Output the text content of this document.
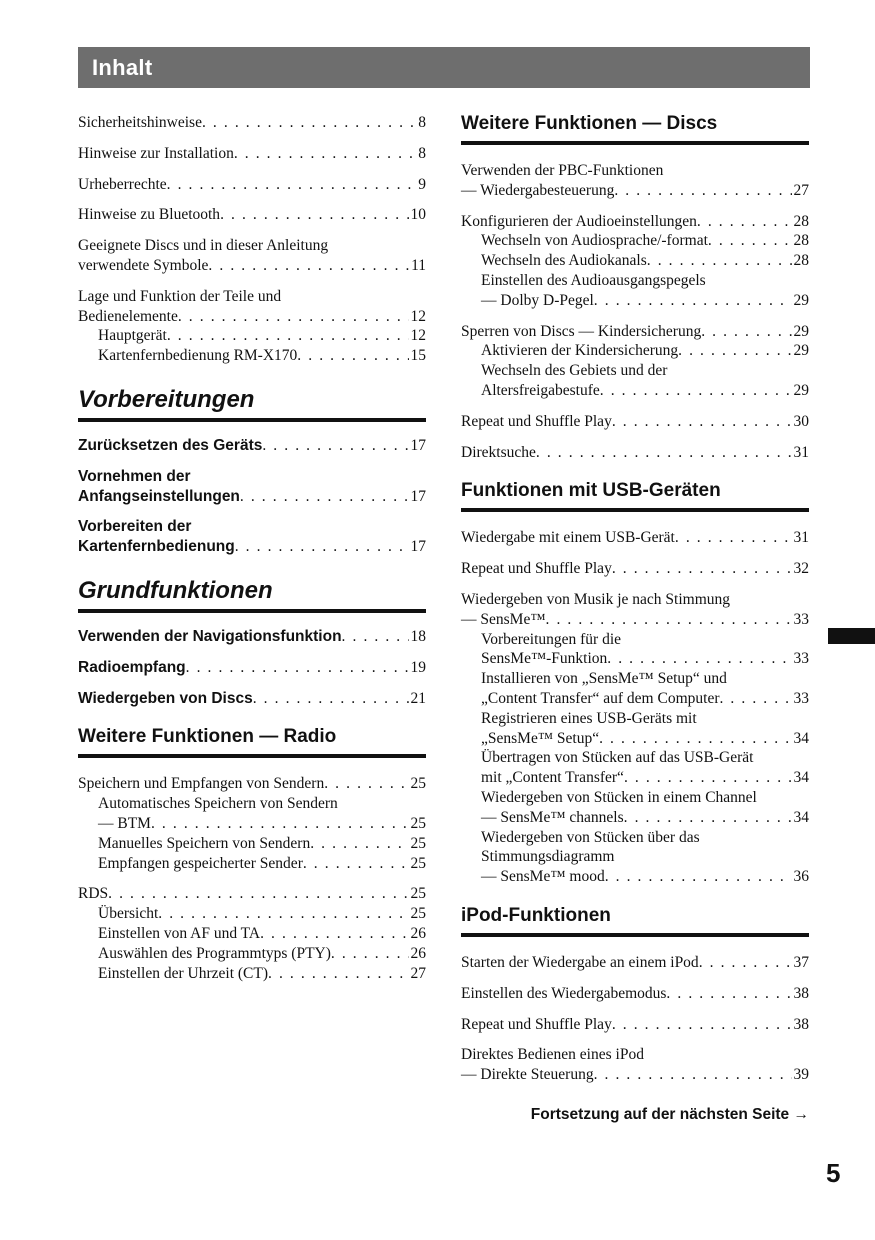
Inhalt
Sicherheitshinweise . . .	8
Hinweise zur Installation . . .	8
Urheberrechte . . .	9
Hinweise zu Bluetooth . . .	10
Geeignete Discs und in dieser Anleitung
verwendete Symbole . . .	11
Lage und Funktion der Teile und
Bedienelemente . . .	12
Hauptgerät . . .	12
Kartenfernbedienung RM-X170 . . .	15
Vorbereitungen
Zurücksetzen des Geräts . . .	17
Vornehmen der
Anfangseinstellungen . . .	17
Vorbereiten der
Kartenfernbedienung . . .	17
Grundfunktionen
Verwenden der Navigationsfunktion . . .	18
Radioempfang . . .	19
Wiedergeben von Discs . . .	21
Weitere Funktionen — Radio
Speichern und Empfangen von Sendern . . .	25
Automatisches Speichern von Sendern
— BTM . . .	25
Manuelles Speichern von Sendern . . .	25
Empfangen gespeicherter Sender . . .	25
RDS . . .	25
Übersicht . . .	25
Einstellen von AF und TA . . .	26
Auswählen des Programmtyps (PTY) . . .	26
Einstellen der Uhrzeit (CT) . . .	27
Weitere Funktionen — Discs
Verwenden der PBC-Funktionen
— Wiedergabesteuerung . . .	27
Konfigurieren der Audioeinstellungen . . .	28
Wechseln von Audiosprache/-format . . .	28
Wechseln des Audiokanals . . .	28
Einstellen des Audioausgangspegels
— Dolby D-Pegel . . .	29
Sperren von Discs — Kindersicherung . . .	29
Aktivieren der Kindersicherung . . .	29
Wechseln des Gebiets und der
Altersfreigabestufe . . .	29
Repeat und Shuffle Play . . .	30
Direktsuche . . .	31
Funktionen mit USB-Geräten
Wiedergabe mit einem USB-Gerät . . .	31
Repeat und Shuffle Play . . .	32
Wiedergeben von Musik je nach Stimmung
— SensMe™ . . .	33
Vorbereitungen für die
SensMe™-Funktion . . .	33
Installieren von „SensMe™ Setup“ und
„Content Transfer“ auf dem Computer . . .	33
Registrieren eines USB-Geräts mit
„SensMe™ Setup“ . . .	34
Übertragen von Stücken auf das USB-Gerät
mit „Content Transfer“ . . .	34
Wiedergeben von Stücken in einem Channel
— SensMe™ channels . . .	34
Wiedergeben von Stücken über das
Stimmungsdiagramm
— SensMe™ mood . . .	36
iPod-Funktionen
Starten der Wiedergabe an einem iPod . . .	37
Einstellen des Wiedergabemodus . . .	38
Repeat und Shuffle Play . . .	38
Direktes Bedienen eines iPod
— Direkte Steuerung . . .	39
Fortsetzung auf der nächsten Seite →
5
